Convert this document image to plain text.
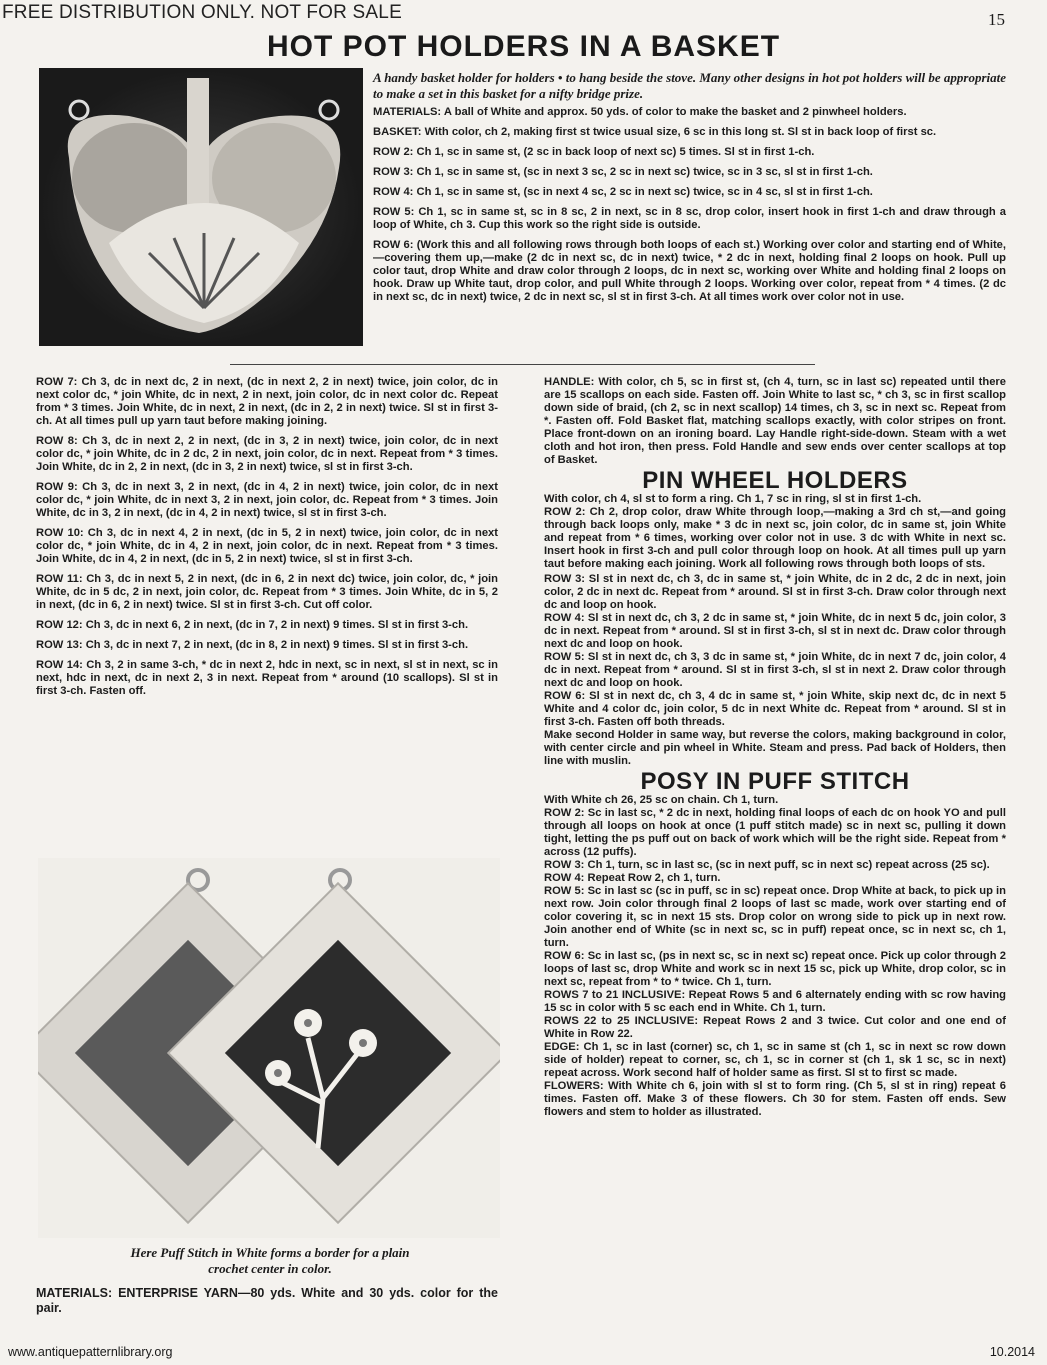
FREE DISTRIBUTION ONLY. NOT FOR SALE	15
HOT POT HOLDERS IN A BASKET

A handy basket holder for holders • to hang beside the stove. Many other designs in hot pot holders will be appropriate to make a set in this basket for a nifty bridge prize.

MATERIALS: A ball of White and approx. 50 yds. of color to make the basket and 2 pinwheel holders.

BASKET: With color, ch 2, making first st twice usual size, 6 sc in this long st. Sl st in back loop of first sc.

ROW 2: Ch 1, sc in same st, (2 sc in back loop of next sc) 5 times. Sl st in first 1-ch.

ROW 3: Ch 1, sc in same st, (sc in next 3 sc, 2 sc in next sc) twice, sc in 3 sc, sl st in first 1-ch.

ROW 4: Ch 1, sc in same st, (sc in next 4 sc, 2 sc in next sc) twice, sc in 4 sc, sl st in first 1-ch.

ROW 5: Ch 1, sc in same st, sc in 8 sc, 2 in next, sc in 8 sc, drop color, insert hook in first 1-ch and draw through a loop of White, ch 3. Cup this work so the right side is outside.

ROW 6: (Work this and all following rows through both loops of each st.) Working over color and starting end of White,—covering them up,—make (2 dc in next sc, dc in next) twice, * 2 dc in next, holding final 2 loops on hook. Pull up color taut, drop White and draw color through 2 loops, dc in next sc, working over White and holding final 2 loops on hook. Draw up White taut, drop color, and pull White through 2 loops. Working over color, repeat from * 4 times. (2 dc in next sc, dc in next) twice, 2 dc in next sc, sl st in first 3-ch. At all times work over color not in use.

ROW 7: Ch 3, dc in next dc, 2 in next, (dc in next 2, 2 in next) twice, join color, dc in next color dc, * join White, dc in next, 2 in next, join color, dc in next color dc. Repeat from * 3 times. Join White, dc in next, 2 in next, (dc in 2, 2 in next) twice. Sl st in first 3-ch. At all times pull up yarn taut before making joining.

ROW 8: Ch 3, dc in next 2, 2 in next, (dc in 3, 2 in next) twice, join color, dc in next color dc, * join White, dc in 2 dc, 2 in next, join color, dc in next. Repeat from * 3 times. Join White, dc in 2, 2 in next, (dc in 3, 2 in next) twice, sl st in first 3-ch.

ROW 9: Ch 3, dc in next 3, 2 in next, (dc in 4, 2 in next) twice, join color, dc in next color dc, * join White, dc in next 3, 2 in next, join color, dc. Repeat from * 3 times. Join White, dc in 3, 2 in next, (dc in 4, 2 in next) twice, sl st in first 3-ch.

ROW 10: Ch 3, dc in next 4, 2 in next, (dc in 5, 2 in next) twice, join color, dc in next color dc, * join White, dc in 4, 2 in next, join color, dc in next. Repeat from * 3 times. Join White, dc in 4, 2 in next, (dc in 5, 2 in next) twice, sl st in first 3-ch.

ROW 11: Ch 3, dc in next 5, 2 in next, (dc in 6, 2 in next dc) twice, join color, dc, * join White, dc in 5 dc, 2 in next, join color, dc. Repeat from * 3 times. Join White, dc in 5, 2 in next, (dc in 6, 2 in next) twice. Sl st in first 3-ch. Cut off color.

ROW 12: Ch 3, dc in next 6, 2 in next, (dc in 7, 2 in next) 9 times. Sl st in first 3-ch.

ROW 13: Ch 3, dc in next 7, 2 in next, (dc in 8, 2 in next) 9 times. Sl st in first 3-ch.

ROW 14: Ch 3, 2 in same 3-ch, * dc in next 2, hdc in next, sc in next, sl st in next, sc in next, hdc in next, dc in next 2, 3 in next. Repeat from * around (10 scallops). Sl st in first 3-ch. Fasten off.

HANDLE: With color, ch 5, sc in first st, (ch 4, turn, sc in last sc) repeated until there are 15 scallops on each side. Fasten off. Join White to last sc, * ch 3, sc in first scallop down side of braid, (ch 2, sc in next scallop) 14 times, ch 3, sc in next sc. Repeat from *. Fasten off. Fold Basket flat, matching scallops exactly, with color stripes on front. Place front-down on an ironing board. Lay Handle right-side-down. Steam with a wet cloth and hot iron, then press. Fold Handle and sew ends over center scallops at top of Basket.

PIN WHEEL HOLDERS

With color, ch 4, sl st to form a ring. Ch 1, 7 sc in ring, sl st in first 1-ch.

ROW 2: Ch 2, drop color, draw White through loop,—making a 3rd ch st,—and going through back loops only, make * 3 dc in next sc, join color, dc in same st, join White and repeat from * 6 times, working over color not in use. 3 dc with White in next sc. Insert hook in first 3-ch and pull color through loop on hook. At all times pull up yarn taut before making each joining. Work all following rows through both loops of sts.

ROW 3: Sl st in next dc, ch 3, dc in same st, * join White, dc in 2 dc, 2 dc in next, join color, 2 dc in next dc. Repeat from * around. Sl st in first 3-ch. Draw color through next dc and loop on hook.

ROW 4: Sl st in next dc, ch 3, 2 dc in same st, * join White, dc in next 5 dc, join color, 3 dc in next. Repeat from * around. Sl st in first 3-ch, sl st in next dc. Draw color through next dc and loop on hook.

ROW 5: Sl st in next dc, ch 3, 3 dc in same st, * join White, dc in next 7 dc, join color, 4 dc in next. Repeat from * around. Sl st in first 3-ch, sl st in next 2. Draw color through next dc and loop on hook.

ROW 6: Sl st in next dc, ch 3, 4 dc in same st, * join White, skip next dc, dc in next 5 White and 4 color dc, join color, 5 dc in next White dc. Repeat from * around. Sl st in first 3-ch. Fasten off both threads.

Make second Holder in same way, but reverse the colors, making background in color, with center circle and pin wheel in White. Steam and press. Pad back of Holders, then line with muslin.

POSY IN PUFF STITCH

With White ch 26, 25 sc on chain. Ch 1, turn.

ROW 2: Sc in last sc, * 2 dc in next, holding final loops of each dc on hook YO and pull through all loops on hook at once (1 puff stitch made) sc in next sc, pulling it down tight, letting the ps puff out on back of work which will be the right side. Repeat from * across (12 puffs).

ROW 3: Ch 1, turn, sc in last sc, (sc in next puff, sc in next sc) repeat across (25 sc).

ROW 4: Repeat Row 2, ch 1, turn.

ROW 5: Sc in last sc (sc in puff, sc in sc) repeat once. Drop White at back, to pick up in next row. Join color through final 2 loops of last sc made, work over starting end of color covering it, sc in next 15 sts. Drop color on wrong side to pick up in next row. Join another end of White (sc in next sc, sc in puff) repeat once, sc in next sc, ch 1, turn.

ROW 6: Sc in last sc, (ps in next sc, sc in next sc) repeat once. Pick up color through 2 loops of last sc, drop White and work sc in next 15 sc, pick up White, drop color, sc in next sc, repeat from * to * twice. Ch 1, turn.

ROWS 7 to 21 INCLUSIVE: Repeat Rows 5 and 6 alternately ending with sc row having 15 sc in color with 5 sc each end in White. Ch 1, turn.

ROWS 22 to 25 INCLUSIVE: Repeat Rows 2 and 3 twice. Cut color and one end of White in Row 22.

EDGE: Ch 1, sc in last (corner) sc, ch 1, sc in same st (ch 1, sc in next sc row down side of holder) repeat to corner, sc, ch 1, sc in corner st (ch 1, sk 1 sc, sc in next) repeat across. Work second half of holder same as first. Sl st to first sc made.

FLOWERS: With White ch 6, join with sl st to form ring. (Ch 5, sl st in ring) repeat 6 times. Fasten off. Make 3 of these flowers. Ch 30 for stem. Fasten off ends. Sew flowers and stem to holder as illustrated.

Here Puff Stitch in White forms a border for a plain crochet center in color.
MATERIALS: ENTERPRISE YARN—80 yds. White and 30 yds. color for the pair.
www.antiquepatternlibrary.org	10.2014
